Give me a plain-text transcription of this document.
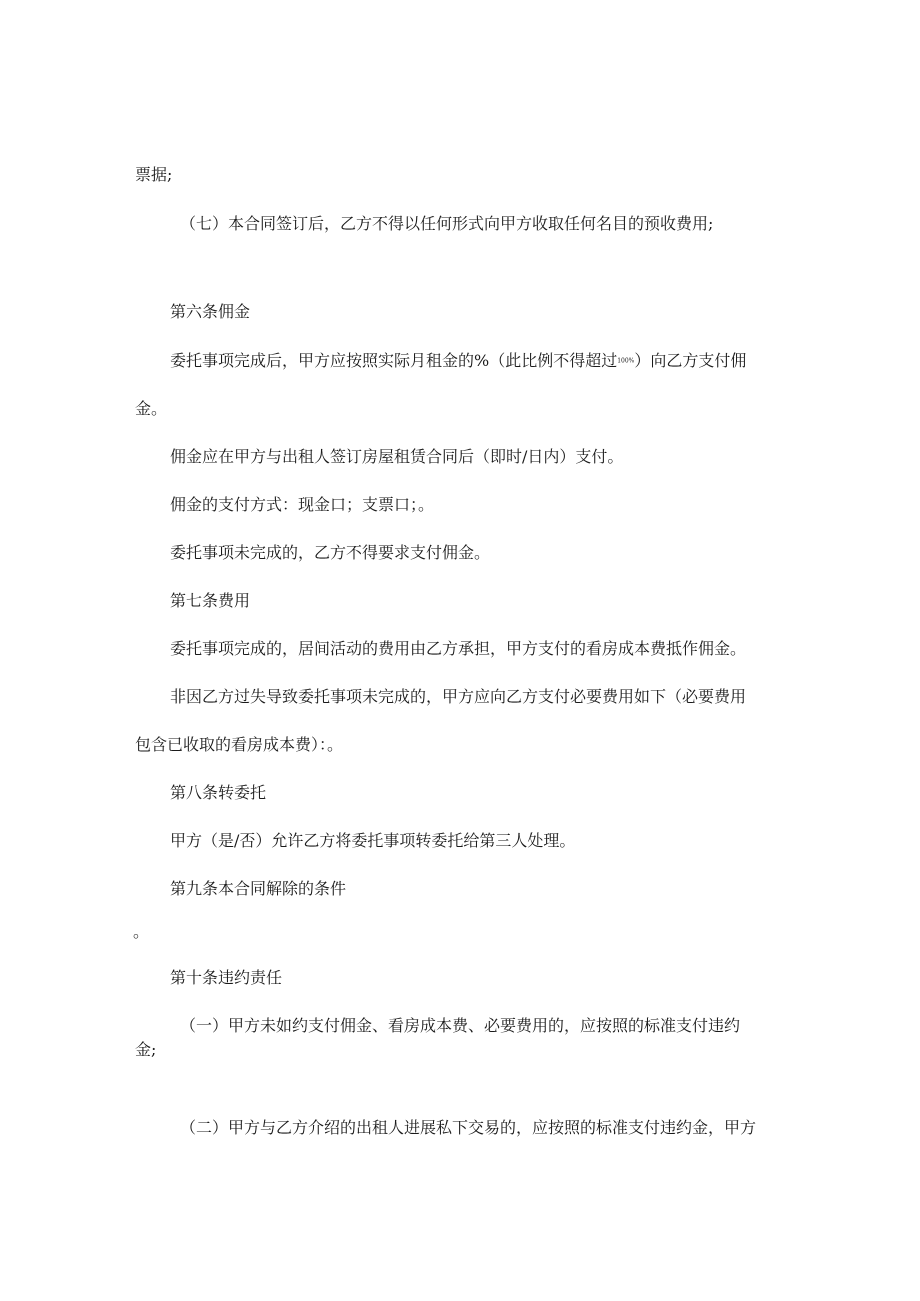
票据;

（七）本合同签订后，乙方不得以任何形式向甲方收取任何名目的预收费用;

第六条佣金

委托事项完成后，甲方应按照实际月租金的%（此比例不得超过100%）向乙方支付佣

金。

佣金应在甲方与出租人签订房屋租赁合同后（即时/日内）支付。

佣金的支付方式：现金口；支票口；。

委托事项未完成的，乙方不得要求支付佣金。

第七条费用

委托事项完成的，居间活动的费用由乙方承担，甲方支付的看房成本费抵作佣金。

非因乙方过失导致委托事项未完成的，甲方应向乙方支付必要费用如下（必要费用

包含已收取的看房成本费）：。

第八条转委托

甲方（是/否）允许乙方将委托事项转委托给第三人处理。

第九条本合同解除的条件

。

第十条违约责任

（一）甲方未如约支付佣金、看房成本费、必要费用的，应按照的标准支付违约

金;

（二）甲方与乙方介绍的出租人进展私下交易的，应按照的标准支付违约金，甲方
